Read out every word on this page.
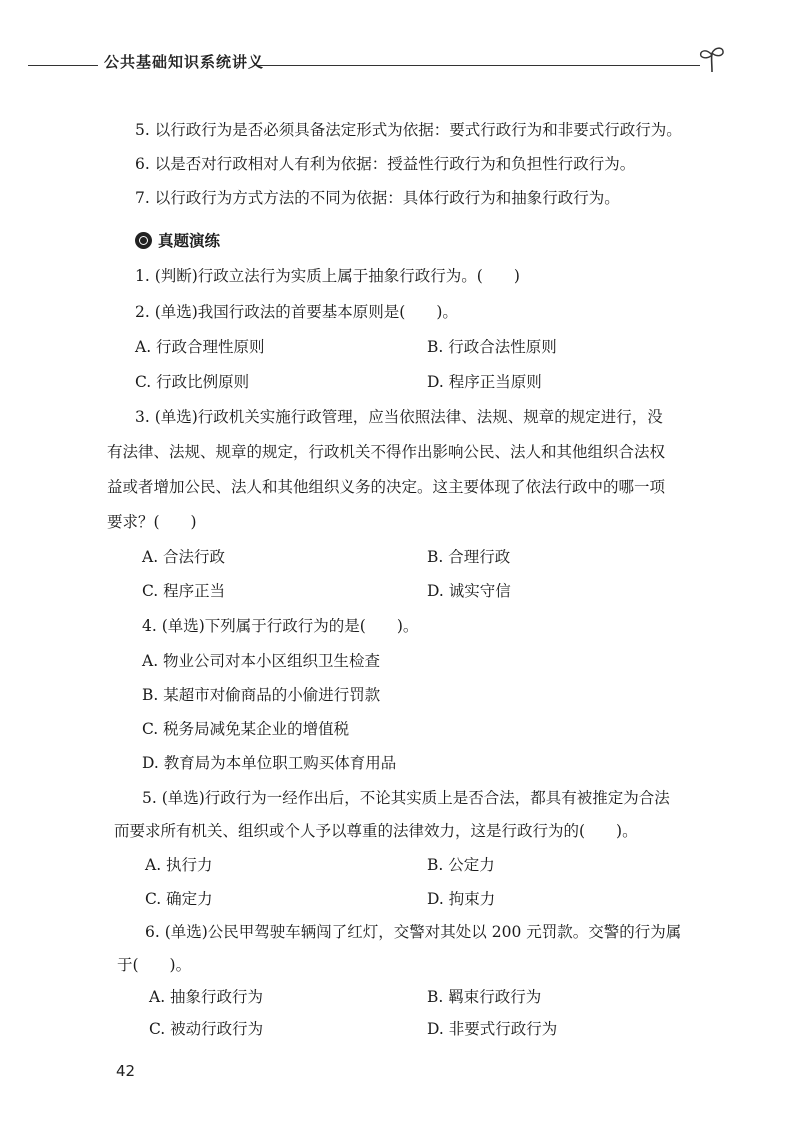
公共基础知识系统讲义
5. 以行政行为是否必须具备法定形式为依据：要式行政行为和非要式行政行为。
6. 以是否对行政相对人有利为依据：授益性行政行为和负担性行政行为。
7. 以行政行为方式方法的不同为依据：具体行政行为和抽象行政行为。
真题演练
1. (判断)行政立法行为实质上属于抽象行政行为。(　　)
2. (单选)我国行政法的首要基本原则是(　　)。
A. 行政合理性原则	B. 行政合法性原则
C. 行政比例原则	D. 程序正当原则
3. (单选)行政机关实施行政管理，应当依照法律、法规、规章的规定进行，没
有法律、法规、规章的规定，行政机关不得作出影响公民、法人和其他组织合法权
益或者增加公民、法人和其他组织义务的决定。这主要体现了依法行政中的哪一项
要求？(　　)
A. 合法行政	B. 合理行政
C. 程序正当	D. 诚实守信
4. (单选)下列属于行政行为的是(　　)。
A. 物业公司对本小区组织卫生检查
B. 某超市对偷商品的小偷进行罚款
C. 税务局减免某企业的增值税
D. 教育局为本单位职工购买体育用品
5. (单选)行政行为一经作出后，不论其实质上是否合法，都具有被推定为合法
而要求所有机关、组织或个人予以尊重的法律效力，这是行政行为的(　　)。
A. 执行力	B. 公定力
C. 确定力	D. 拘束力
6. (单选)公民甲驾驶车辆闯了红灯，交警对其处以 200 元罚款。交警的行为属
于(　　)。
A. 抽象行政行为	B. 羁束行政行为
C. 被动行政行为	D. 非要式行政行为
42
